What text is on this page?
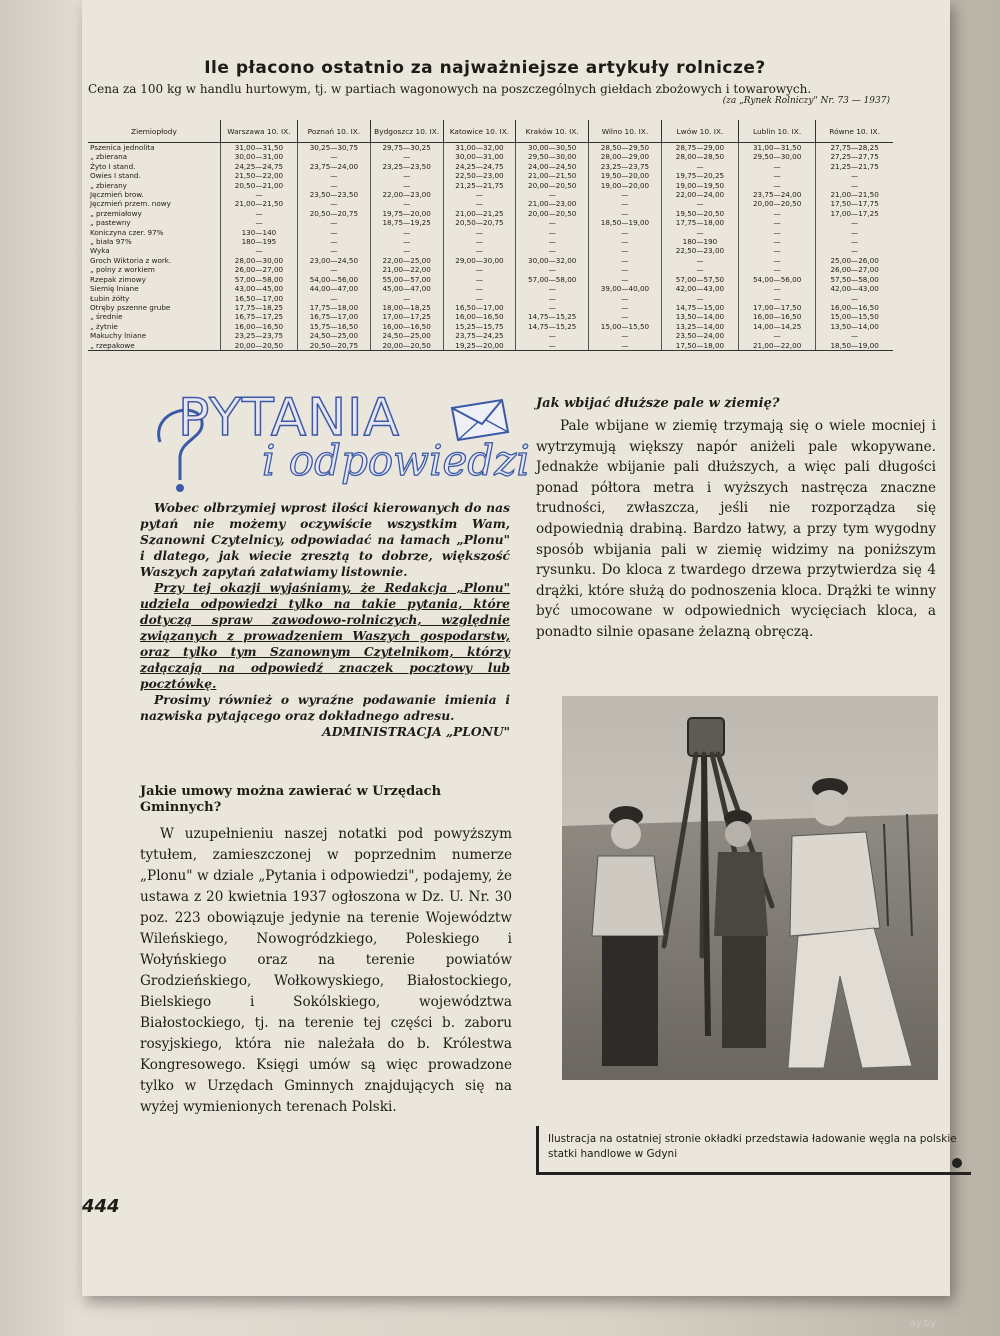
Ile płacono ostatnio za najważniejsze artykuły rolnicze?
Cena za 100 kg w handlu hurtowym, tj. w partiach wagonowych na poszczególnych giełdach zbożowych i towarowych.
(za „Rynek Rolniczy" Nr. 73 — 1937)
Ziemiopłody	Warszawa 10. IX.	Poznań 10. IX.	Bydgoszcz 10. IX.	Katowice 10. IX.	Kraków 10. IX.	Wilno 10. IX.	Lwów 10. IX.	Lublin 10. IX.	Równe 10. IX.
Pszenica jednolita	31,00—31,50	30,25—30,75	29,75—30,25	31,00—32,00	30,00—30,50	28,50—29,50	28,75—29,00	31,00—31,50	27,75—28,25
„ zbierana	30,00—31,00	—	—	30,00—31,00	29,50—30,00	28,00—29,00	28,00—28,50	29,50—30,00	27,25—27,75
Żyto I stand.	24,25—24,75	23,75—24,00	23,25—23,50	24,25—24,75	24,00—24,50	23,25—23,75	—	—	21,25—21,75
Owies I stand.	21,50—22,00	—	—	22,50—23,00	21,00—21,50	19,50—20,00	19,75—20,25	—	—
„ zbierany	20,50—21,00	—	—	21,25—21,75	20,00—20,50	19,00—20,00	19,00—19,50	—	—
Jęczmień brow.	—	23,50—23,50	22,00—23,00	—	—	—	22,00—24,00	23,75—24,00	21,00—21,50
Jęczmień przem. nowy	21,00—21,50	—	—	—	21,00—23,00	—	—	20,00—20,50	17,50—17,75
„ przemiałowy	—	20,50—20,75	19,75—20,00	21,00—21,25	20,00—20,50	—	19,50—20,50	—	17,00—17,25
„ pastewny	—	—	18,75—19,25	20,50—20,75	—	18,50—19,00	17,75—18,00	—	—
Koniczyna czer. 97%	130—140	—	—	—	—	—	—	—	—
„ biała 97%	180—195	—	—	—	—	—	180—190	—	—
Wyka	—	—	—	—	—	—	22,50—23,00	—	—
Groch Wiktoria z work.	28,00—30,00	23,00—24,50	22,00—25,00	29,00—30,00	30,00—32,00	—	—	—	25,00—26,00
„ polny z workiem	26,00—27,00	—	21,00—22,00	—	—	—	—	—	26,00—27,00
Rzepak zimowy	57,00—58,00	54,00—56,00	55,00—57,00	—	57,00—58,00	—	57,00—57,50	54,00—56,00	57,50—58,00
Siemię lniane	43,00—45,00	44,00—47,00	45,00—47,00	—	—	39,00—40,00	42,00—43,00	—	42,00—43,00
Łubin żółty	16,50—17,00	—	—	—	—	—	—	—	—
Otręby pszenne grube	17,75—18,25	17,75—18,00	18,00—18,25	16,50—17,00	—	—	14,75—15,00	17,00—17,50	16,00—16,50
„ średnie	16,75—17,25	16,75—17,00	17,00—17,25	16,00—16,50	14,75—15,25	—	13,50—14,00	16,00—16,50	15,00—15,50
„ żytnie	16,00—16,50	15,75—16,50	16,00—16,50	15,25—15,75	14,75—15,25	15,00—15,50	13,25—14,00	14,00—14,25	13,50—14,00
Makuchy lniane	23,25—23,75	24,50—25,00	24,50—25,00	23,75—24,25	—	—	23,50—24,00	—	—
„ rzepakowe	20,00—20,50	20,50—20,75	20,00—20,50	19,25—20,00	—	—	17,50—18,00	21,00—22,00	18,50—19,00
PYTANIA
i odpowiedzi

Wobec olbrzymiej wprost ilości kierowanych do nas pytań nie możemy oczywiście wszystkim Wam, Szanowni Czytelnicy, odpowiadać na łamach „Plonu" i dlatego, jak wiecie zresztą to dobrze, większość Waszych zapytań załatwiamy listownie.

Przy tej okazji wyjaśniamy, że Redakcja „Plonu" udziela odpowiedzi tylko na takie pytania, które dotyczą spraw zawodowo-rolniczych, względnie związanych z prowadzeniem Waszych gospodarstw, oraz tylko tym Szanownym Czytelnikom, którzy załączają na odpowiedź znaczek pocztowy lub pocztówkę.

Prosimy również o wyraźne podawanie imienia i nazwiska pytającego oraz dokładnego adresu.

ADMINISTRACJA „PLONU"

Jakie umowy można zawierać w Urzędach Gminnych?

W uzupełnieniu naszej notatki pod powyższym tytułem, zamieszczonej w poprzednim numerze „Plonu" w dziale „Pytania i odpowiedzi", podajemy, że ustawa z 20 kwietnia 1937 ogłoszona w Dz. U. Nr. 30 poz. 223 obowiązuje jedynie na terenie Województw Wileńskiego, Nowogródzkiego, Poleskiego i Wołyńskiego oraz na terenie powiatów Grodzieńskiego, Wołkowyskiego, Białostockiego, Bielskiego i Sokólskiego, województwa Białostockiego, tj. na terenie tej części b. zaboru rosyjskiego, która nie należała do b. Królestwa Kongresowego. Księgi umów są więc prowadzone tylko w Urzędach Gminnych znajdujących się na wyżej wymienionych terenach Polski.

Jak wbijać dłuższe pale w ziemię?

Pale wbijane w ziemię trzymają się o wiele mocniej i wytrzymują większy napór aniżeli pale wkopywane. Jednakże wbijanie pali dłuższych, a więc pali długości ponad półtora metra i wyższych nastręcza znaczne trudności, zwłaszcza, jeśli nie rozporządza się odpowiednią drabiną. Bardzo łatwy, a przy tym wygodny sposób wbijania pali w ziemię widzimy na poniższym rysunku. Do kloca z twardego drzewa przytwierdza się 4 drążki, które służą do podnoszenia kloca. Drążki te winny być umocowane w odpowiednich wycięciach kloca, a ponadto silnie opasane żelazną obręczą.

Ilustracja na ostatniej stronie okładki przedstawia ładowanie węgla na polskie statki handlowe w Gdyni
444
ay.by
